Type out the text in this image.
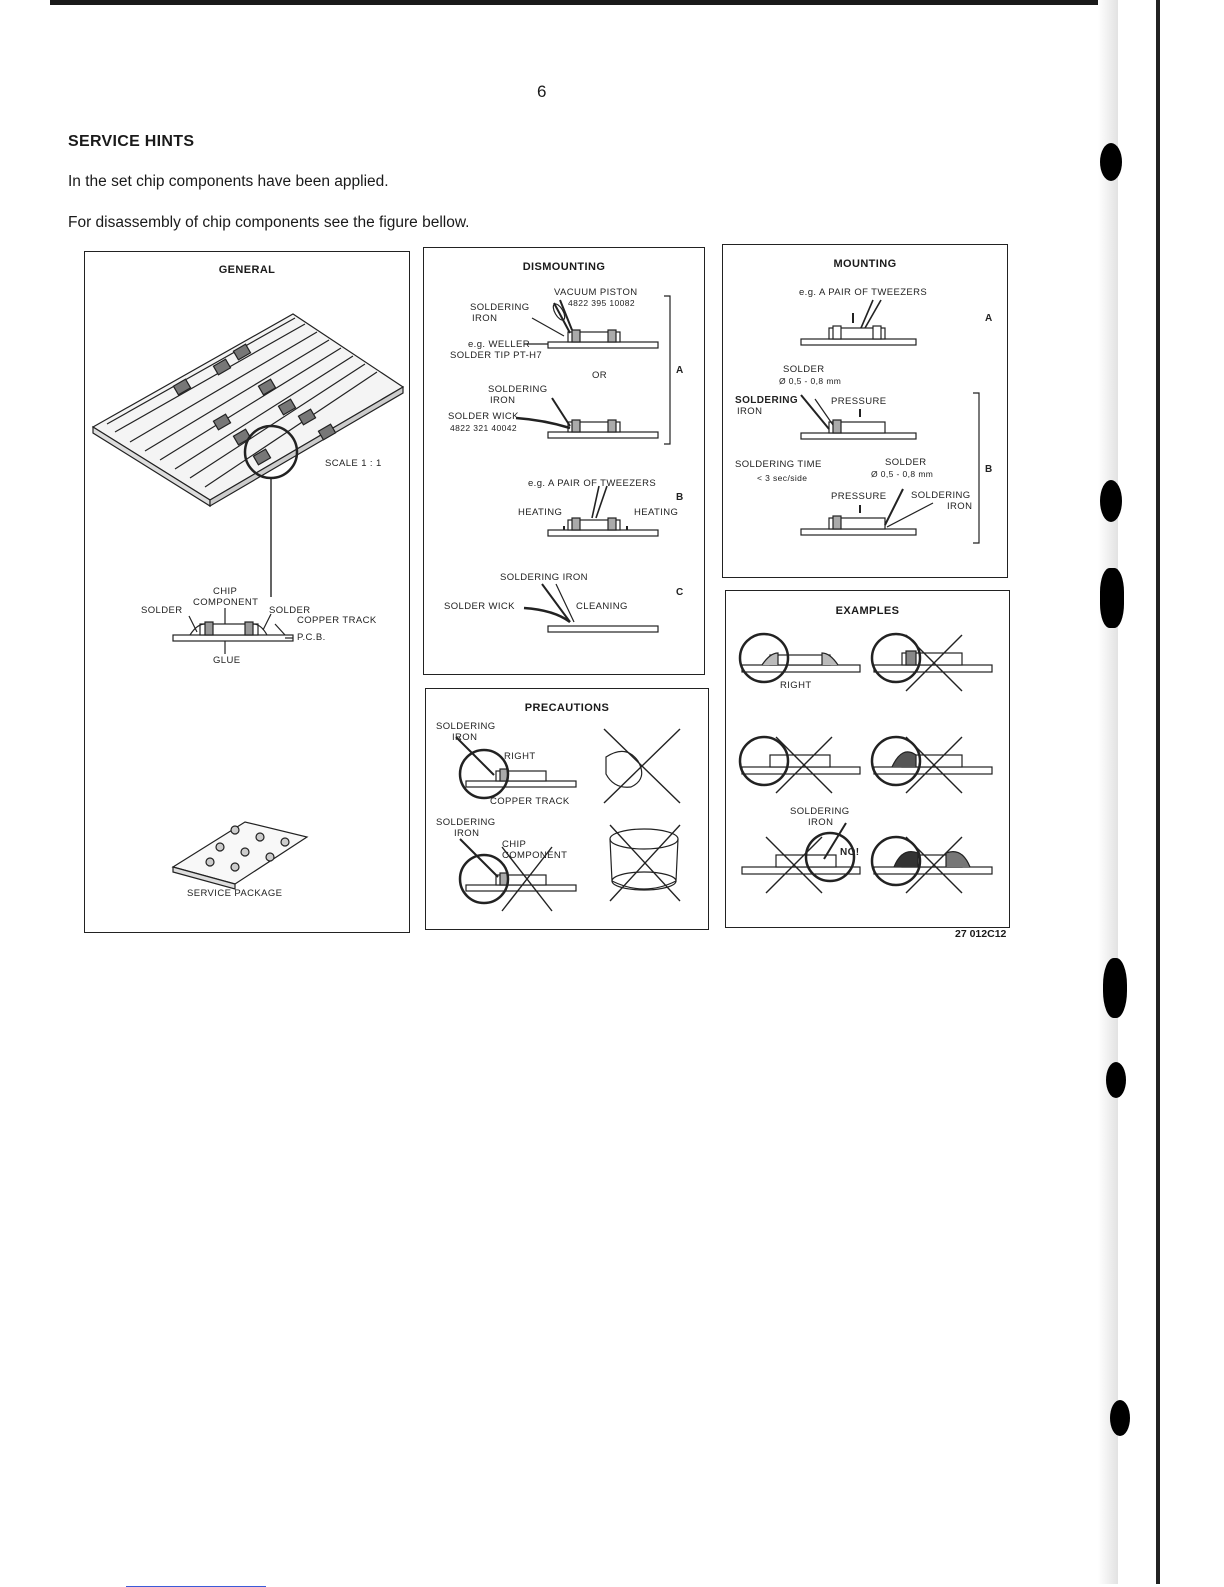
6
SERVICE HINTS
In the set chip components have been applied.
For disassembly of chip components see the figure bellow.
GENERAL
SCALE 1 : 1
CHIP
COMPONENT
SOLDER	SOLDER
COPPER TRACK
P.C.B.
GLUE
SERVICE PACKAGE
DISMOUNTING
VACUUM PISTON
4822 395 10082
SOLDERING
IRON
e.g. WELLER
SOLDER TIP PT-H7
OR	A
SOLDERING
IRON
SOLDER WICK
4822 321 40042
e.g. A PAIR OF TWEEZERS
B
HEATING	HEATING
SOLDERING IRON
C
SOLDER WICK	CLEANING
MOUNTING
e.g. A PAIR OF TWEEZERS
A
SOLDER
Ø 0,5 - 0,8 mm
SOLDERING
IRON
PRESSURE
SOLDERING TIME
< 3 sec/side
SOLDER
Ø 0,5 - 0,8 mm	B
PRESSURE	SOLDERING
IRON
PRECAUTIONS
SOLDERING
IRON
RIGHT
COPPER TRACK
SOLDERING
IRON
CHIP
COMPONENT
EXAMPLES
RIGHT
SOLDERING
IRON
NO!
27 012C12
